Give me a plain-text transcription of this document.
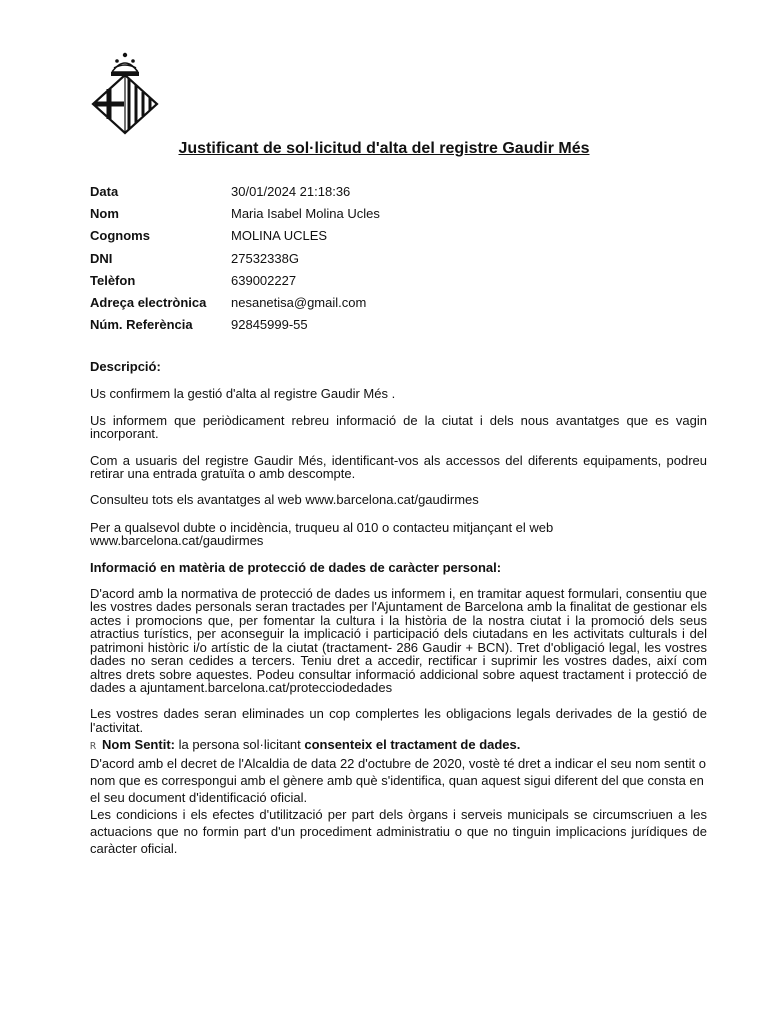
Justificant de sol·licitud d'alta del registre Gaudir Més
Data	30/01/2024 21:18:36
Nom	Maria Isabel Molina Ucles
Cognoms	MOLINA UCLES
DNI	27532338G
Telèfon	639002227
Adreça electrònica	nesanetisa@gmail.com
Núm. Referència	92845999-55

Descripció:

Us confirmem la gestió d'alta al registre Gaudir Més .

Us informem que periòdicament rebreu informació de la ciutat i dels nous avantatges que es vagin incorporant.

Com a usuaris del registre Gaudir Més, identificant-vos als accessos del diferents equipaments, podreu retirar una entrada gratuïta o amb descompte.

Consulteu tots els avantatges al web www.barcelona.cat/gaudirmes

Per a qualsevol dubte o incidència, truqueu al 010 o contacteu mitjançant el web www.barcelona.cat/gaudirmes

Informació en matèria de protecció de dades de caràcter personal:

D'acord amb la normativa de protecció de dades us informem i, en tramitar aquest formulari, consentiu que les vostres dades personals seran tractades per l'Ajuntament de Barcelona amb la finalitat de gestionar els actes i promocions que, per fomentar la cultura i la història de la nostra ciutat i la promoció dels seus atractius turístics, per aconseguir la implicació i participació dels ciutadans en les activitats culturals i del patrimoni històric i/o artístic de la ciutat (tractament- 286 Gaudir + BCN). Tret d'obligació legal, les vostres dades no seran cedides a tercers. Teniu dret a accedir, rectificar i suprimir les vostres dades, així com altres drets sobre aquestes. Podeu consultar informació addicional sobre aquest tractament i protecció de dades a ajuntament.barcelona.cat/protecciodedades

Les vostres dades seran eliminades un cop complertes les obligacions legals derivades de la gestió de l'activitat.

R Nom Sentit: la persona sol·licitant consenteix el tractament de dades.

D'acord amb el decret de l'Alcaldia de data 22 d'octubre de 2020, vostè té dret a indicar el seu nom sentit o nom que es correspongui amb el gènere amb què s'identifica, quan aquest sigui diferent del que consta en el seu document d'identificació oficial.

Les condicions i els efectes d'utilització per part dels òrgans i serveis municipals se circumscriuen a les actuacions que no formin part d'un procediment administratiu o que no tinguin implicacions jurídiques de caràcter oficial.
